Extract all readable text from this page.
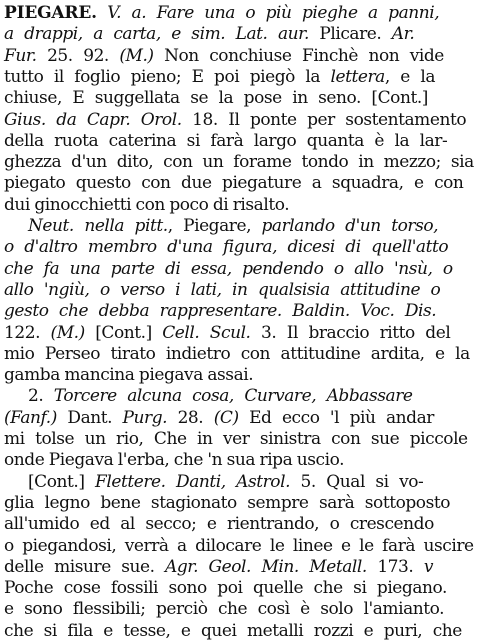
PIEGARE. V. a. Fare una o più pieghe a panni,
a drappi, a carta, e sim. Lat. aur. Plicare. Ar.
Fur. 25. 92. (M.) Non conchiuse Finchè non vide
tutto il foglio pieno; E poi piegò la lettera, e la
chiuse, E suggellata se la pose in seno. [Cont.]
Gius. da Capr. Orol. 18. Il ponte per sostentamento
della ruota caterina si farà largo quanta è la lar-
ghezza d'un dito, con un forame tondo in mezzo; sia
piegato questo con due piegature a squadra, e con
dui ginocchietti con poco di risalto.
Neut. nella pitt., Piegare, parlando d'un torso,
o d'altro membro d'una figura, dicesi di quell'atto
che fa una parte di essa, pendendo o allo 'nsù, o
allo 'ngiù, o verso i lati, in qualsisia attitudine o
gesto che debba rappresentare. Baldin. Voc. Dis.
122. (M.) [Cont.] Cell. Scul. 3. Il braccio ritto del
mio Perseo tirato indietro con attitudine ardita, e la
gamba mancina piegava assai.
2. Torcere alcuna cosa, Curvare, Abbassare
(Fanf.) Dant. Purg. 28. (C) Ed ecco 'l più andar
mi tolse un rio, Che in ver sinistra con sue piccole
onde Piegava l'erba, che 'n sua ripa uscio.
[Cont.] Flettere. Danti, Astrol. 5. Qual si vo-
glia legno bene stagionato sempre sarà sottoposto
all'umido ed al secco; e rientrando, o crescendo
o piegandosi, verrà a dilocare le linee e le farà uscire
delle misure sue. Agr. Geol. Min. Metall. 173. v
Poche cose fossili sono poi quelle che si piegano.
e sono flessibili; perciò che così è solo l'amianto.
che si fila e tesse, e quei metalli rozzi e puri, che
